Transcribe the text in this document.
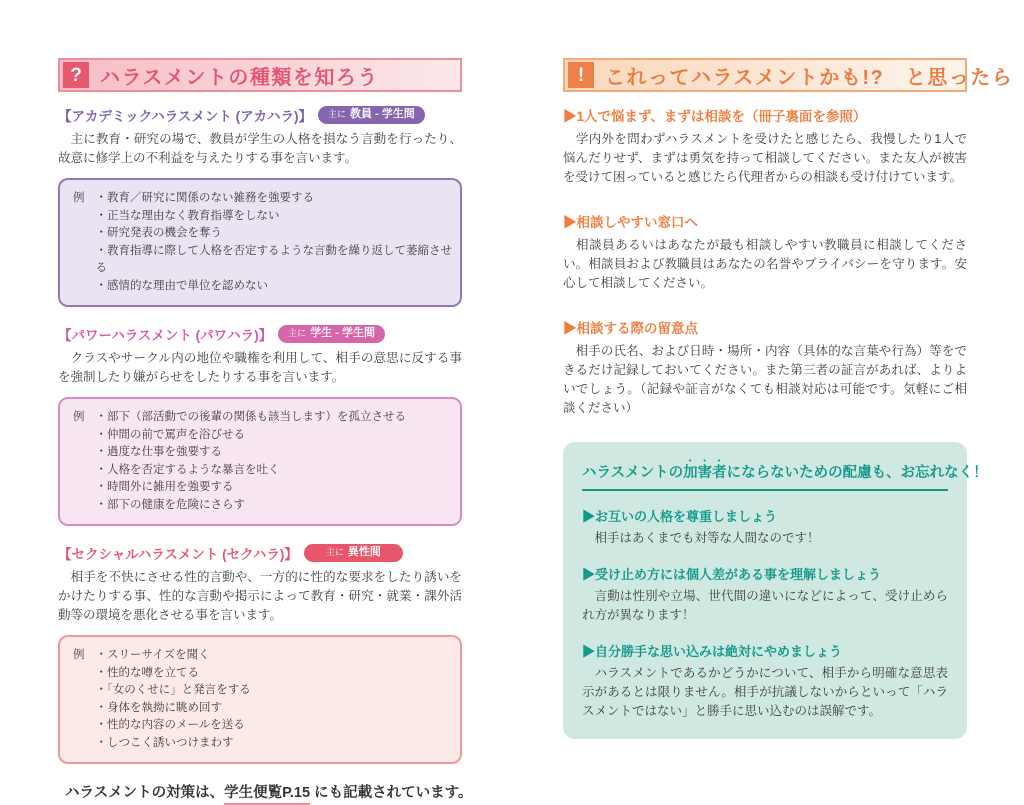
? ハラスメントの種類を知ろう
【アカデミックハラスメント (アカハラ)】 主に 教員 - 学生間

　主に教育・研究の場で、教員が学生の人格を損なう言動を行ったり、故意に修学上の不利益を与えたりする事を言います。

例	・ 教育／研究に関係のない雑務を強要する
・ 正当な理由なく教育指導をしない
・ 研究発表の機会を奪う
・ 教育指導に際して人格を否定するような言動を繰り返して萎縮させる
・ 感情的な理由で単位を認めない
【パワーハラスメント (パワハラ)】 主に 学生 - 学生間

　クラスやサークル内の地位や職権を利用して、相手の意思に反する事を強制したり嫌がらせをしたりする事を言います。

例	・ 部下（部活動での後輩の関係も該当します）を孤立させる
・ 仲間の前で罵声を浴びせる
・ 過度な仕事を強要する
・ 人格を否定するような暴言を吐く
・ 時間外に雑用を強要する
・ 部下の健康を危険にさらす
【セクシャルハラスメント (セクハラ)】	主に 異性間

　相手を不快にさせる性的言動や、一方的に性的な要求をしたり誘いをかけたりする事、性的な言動や掲示によって教育・研究・就業・課外活動等の環境を悪化させる事を言います。

例	・ スリーサイズを聞く
・ 性的な噂を立てる
・ 「女のくせに」と発言をする
・ 身体を執拗に眺め回す
・ 性的な内容のメールを送る
・ しつこく誘いつけまわす

ハラスメントの対策は、学生便覧P.15 にも記載されています。

!	これってハラスメントかも!?　と思ったら
▶1人で悩まず、まずは相談を（冊子裏面を参照）

　学内外を問わずハラスメントを受けたと感じたら、我慢したり1人で悩んだりせず、まずは勇気を持って相談してください。また友人が被害を受けて困っていると感じたら代理者からの相談も受け付けています。

▶相談しやすい窓口へ

　相談員あるいはあなたが最も相談しやすい教職員に相談してください。相談員および教職員はあなたの名誉やプライバシーを守ります。安心して相談してください。

▶相談する際の留意点

　相手の氏名、および日時・場所・内容（具体的な言葉や行為）等をできるだけ記録しておいてください。また第三者の証言があれば、よりよいでしょう。（記録や証言がなくても相談対応は可能です。気軽にご相談ください）

ハラスメントの加害者にならないための配慮も、お忘れなく！
▶お互いの人格を尊重しましょう

　相手はあくまでも対等な人間なのです！

▶受け止め方には個人差がある事を理解しましょう

　言動は性別や立場、世代間の違いになどによって、受け止められ方が異なります！

▶自分勝手な思い込みは絶対にやめましょう

　ハラスメントであるかどうかについて、相手から明確な意思表示があるとは限りません。相手が抗議しないからといって「ハラスメントではない」と勝手に思い込むのは誤解です。
